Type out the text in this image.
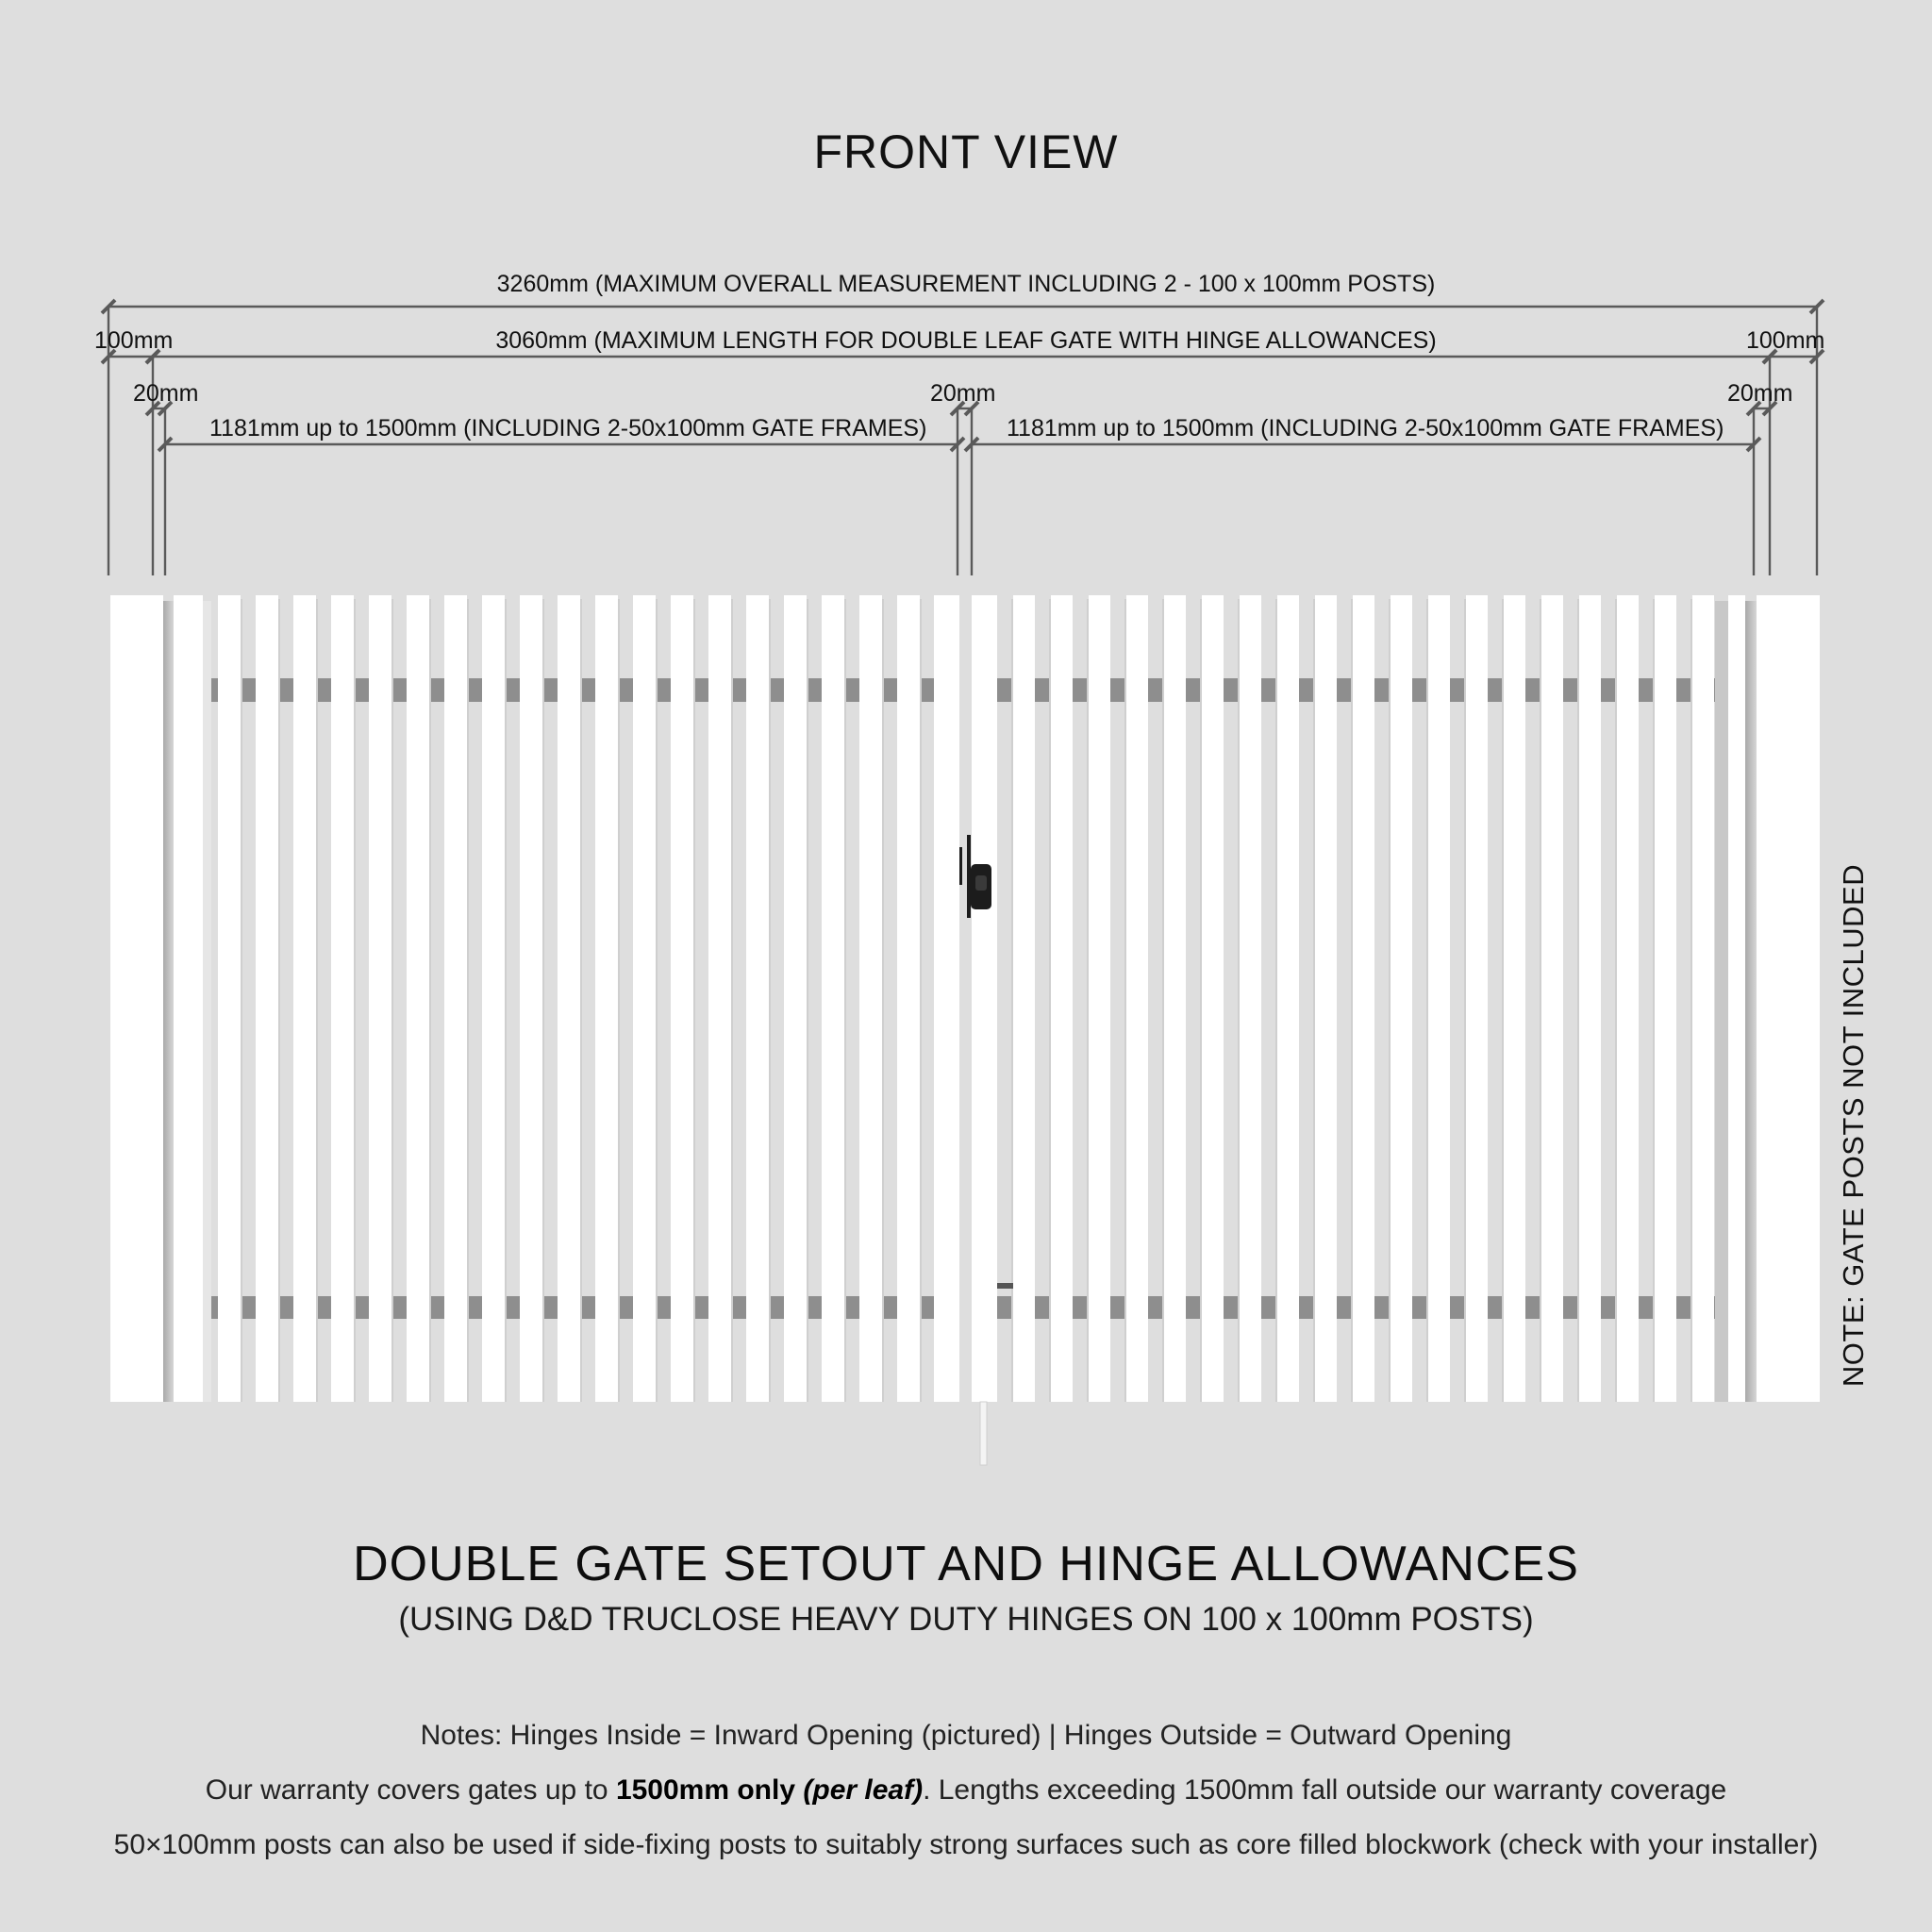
FRONT VIEW
3260mm (MAXIMUM OVERALL MEASUREMENT INCLUDING 2 - 100 x 100mm POSTS)
3060mm (MAXIMUM LENGTH FOR DOUBLE LEAF GATE WITH HINGE ALLOWANCES)
100mm	100mm
20mm	20mm	20mm
1181mm up to 1500mm (INCLUDING 2-50x100mm GATE FRAMES)	1181mm up to 1500mm (INCLUDING 2-50x100mm GATE FRAMES)
NOTE: GATE POSTS NOT INCLUDED
DOUBLE GATE SETOUT AND HINGE ALLOWANCES
(USING D&D TRUCLOSE HEAVY DUTY HINGES ON 100 x 100mm POSTS)
Notes: Hinges Inside = Inward Opening (pictured) | Hinges Outside = Outward Opening
Our warranty covers gates up to 1500mm only (per leaf). Lengths exceeding 1500mm fall outside our warranty coverage
50×100mm posts can also be used if side-fixing posts to suitably strong surfaces such as core filled blockwork (check with your installer)
